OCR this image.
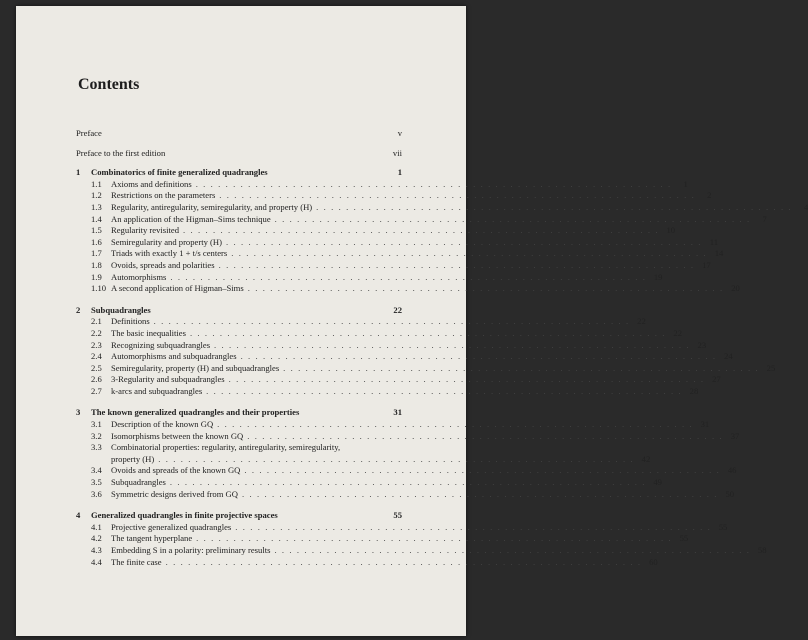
Contents
Preface	v
Preface to the first edition	vii
1	Combinatorics of finite generalized quadrangles	1
1.1	Axioms and definitions . . .	1
1.2	Restrictions on the parameters . . .	2
1.3	Regularity, antiregularity, semiregularity, and property (H) . . .	4
1.4	An application of the Higman–Sims technique . . .	7
1.5	Regularity revisited . . .	10
1.6	Semiregularity and property (H) . . .	11
1.7	Triads with exactly 1 + t/s centers . . .	14
1.8	Ovoids, spreads and polarities . . .	17
1.9	Automorphisms . . .	19
1.10 A second application of Higman–Sims . . .	20
2	Subquadrangles	22
2.1	Definitions . . .	22
2.2	The basic inequalities . . .	22
2.3	Recognizing subquadrangles . . .	23
2.4	Automorphisms and subquadrangles . . .	24
2.5	Semiregularity, property (H) and subquadrangles . . .	25
2.6	3-Regularity and subquadrangles . . .	27
2.7	k-arcs and subquadrangles . . .	28
3	The known generalized quadrangles and their properties	31
3.1	Description of the known GQ . . .	31
3.2	Isomorphisms between the known GQ . . .	37
3.3	Combinatorial properties: regularity, antiregularity, semiregularity,
property (H) . . .	42
3.4	Ovoids and spreads of the known GQ . . .	46
3.5	Subquadrangles . . .	49
3.6	Symmetric designs derived from GQ . . .	50
4	Generalized quadrangles in finite projective spaces	55
4.1	Projective generalized quadrangles . . .	55
4.2	The tangent hyperplane . . .	55
4.3	Embedding S in a polarity: preliminary results . . .	58
4.4	The finite case . . .	60
